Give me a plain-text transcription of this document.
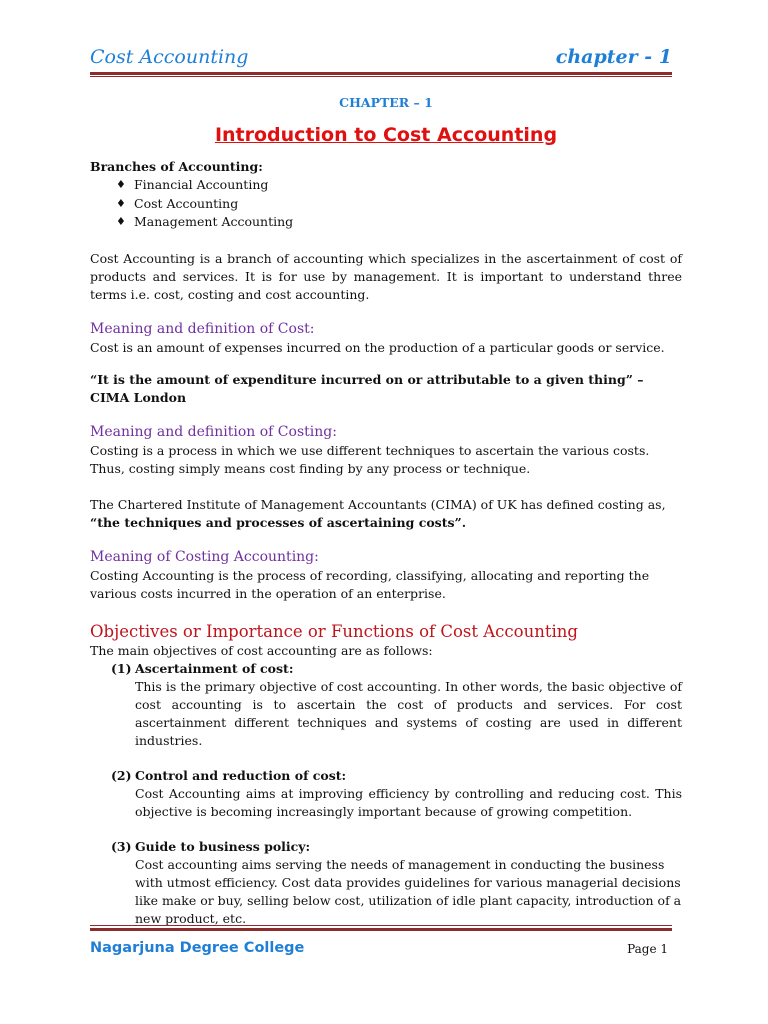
Cost Accounting	chapter - 1

CHAPTER – 1

Introduction to Cost Accounting

Branches of Accounting:

♦ Financial Accounting
♦ Cost Accounting
♦ Management Accounting

Cost Accounting is a branch of accounting which specializes in the ascertainment of cost of products and services. It is for use by management. It is important to understand three terms i.e. cost, costing and cost accounting.

Meaning and definition of Cost:

Cost is an amount of expenses incurred on the production of a particular goods or service.

“It is the amount of expenditure incurred on or attributable to a given thing” – CIMA London

Meaning and definition of Costing:

Costing is a process in which we use different techniques to ascertain the various costs. Thus, costing simply means cost finding by any process or technique.

The Chartered Institute of Management Accountants (CIMA) of UK has defined costing as, “the techniques and processes of ascertaining costs”.

Meaning of Costing Accounting:

Costing Accounting is the process of recording, classifying, allocating and reporting the various costs incurred in the operation of an enterprise.

Objectives or Importance or Functions of Cost Accounting

The main objectives of cost accounting are as follows:

(1) Ascertainment of cost:
This is the primary objective of cost accounting. In other words, the basic objective of cost accounting is to ascertain the cost of products and services. For cost ascertainment different techniques and systems of costing are used in different industries.
(2) Control and reduction of cost:
Cost Accounting aims at improving efficiency by controlling and reducing cost. This objective is becoming increasingly important because of growing competition.
(3) Guide to business policy:
Cost accounting aims serving the needs of management in conducting the business with utmost efficiency. Cost data provides guidelines for various managerial decisions like make or buy, selling below cost, utilization of idle plant capacity, introduction of a new product, etc.
Nagarjuna Degree College	Page 1
